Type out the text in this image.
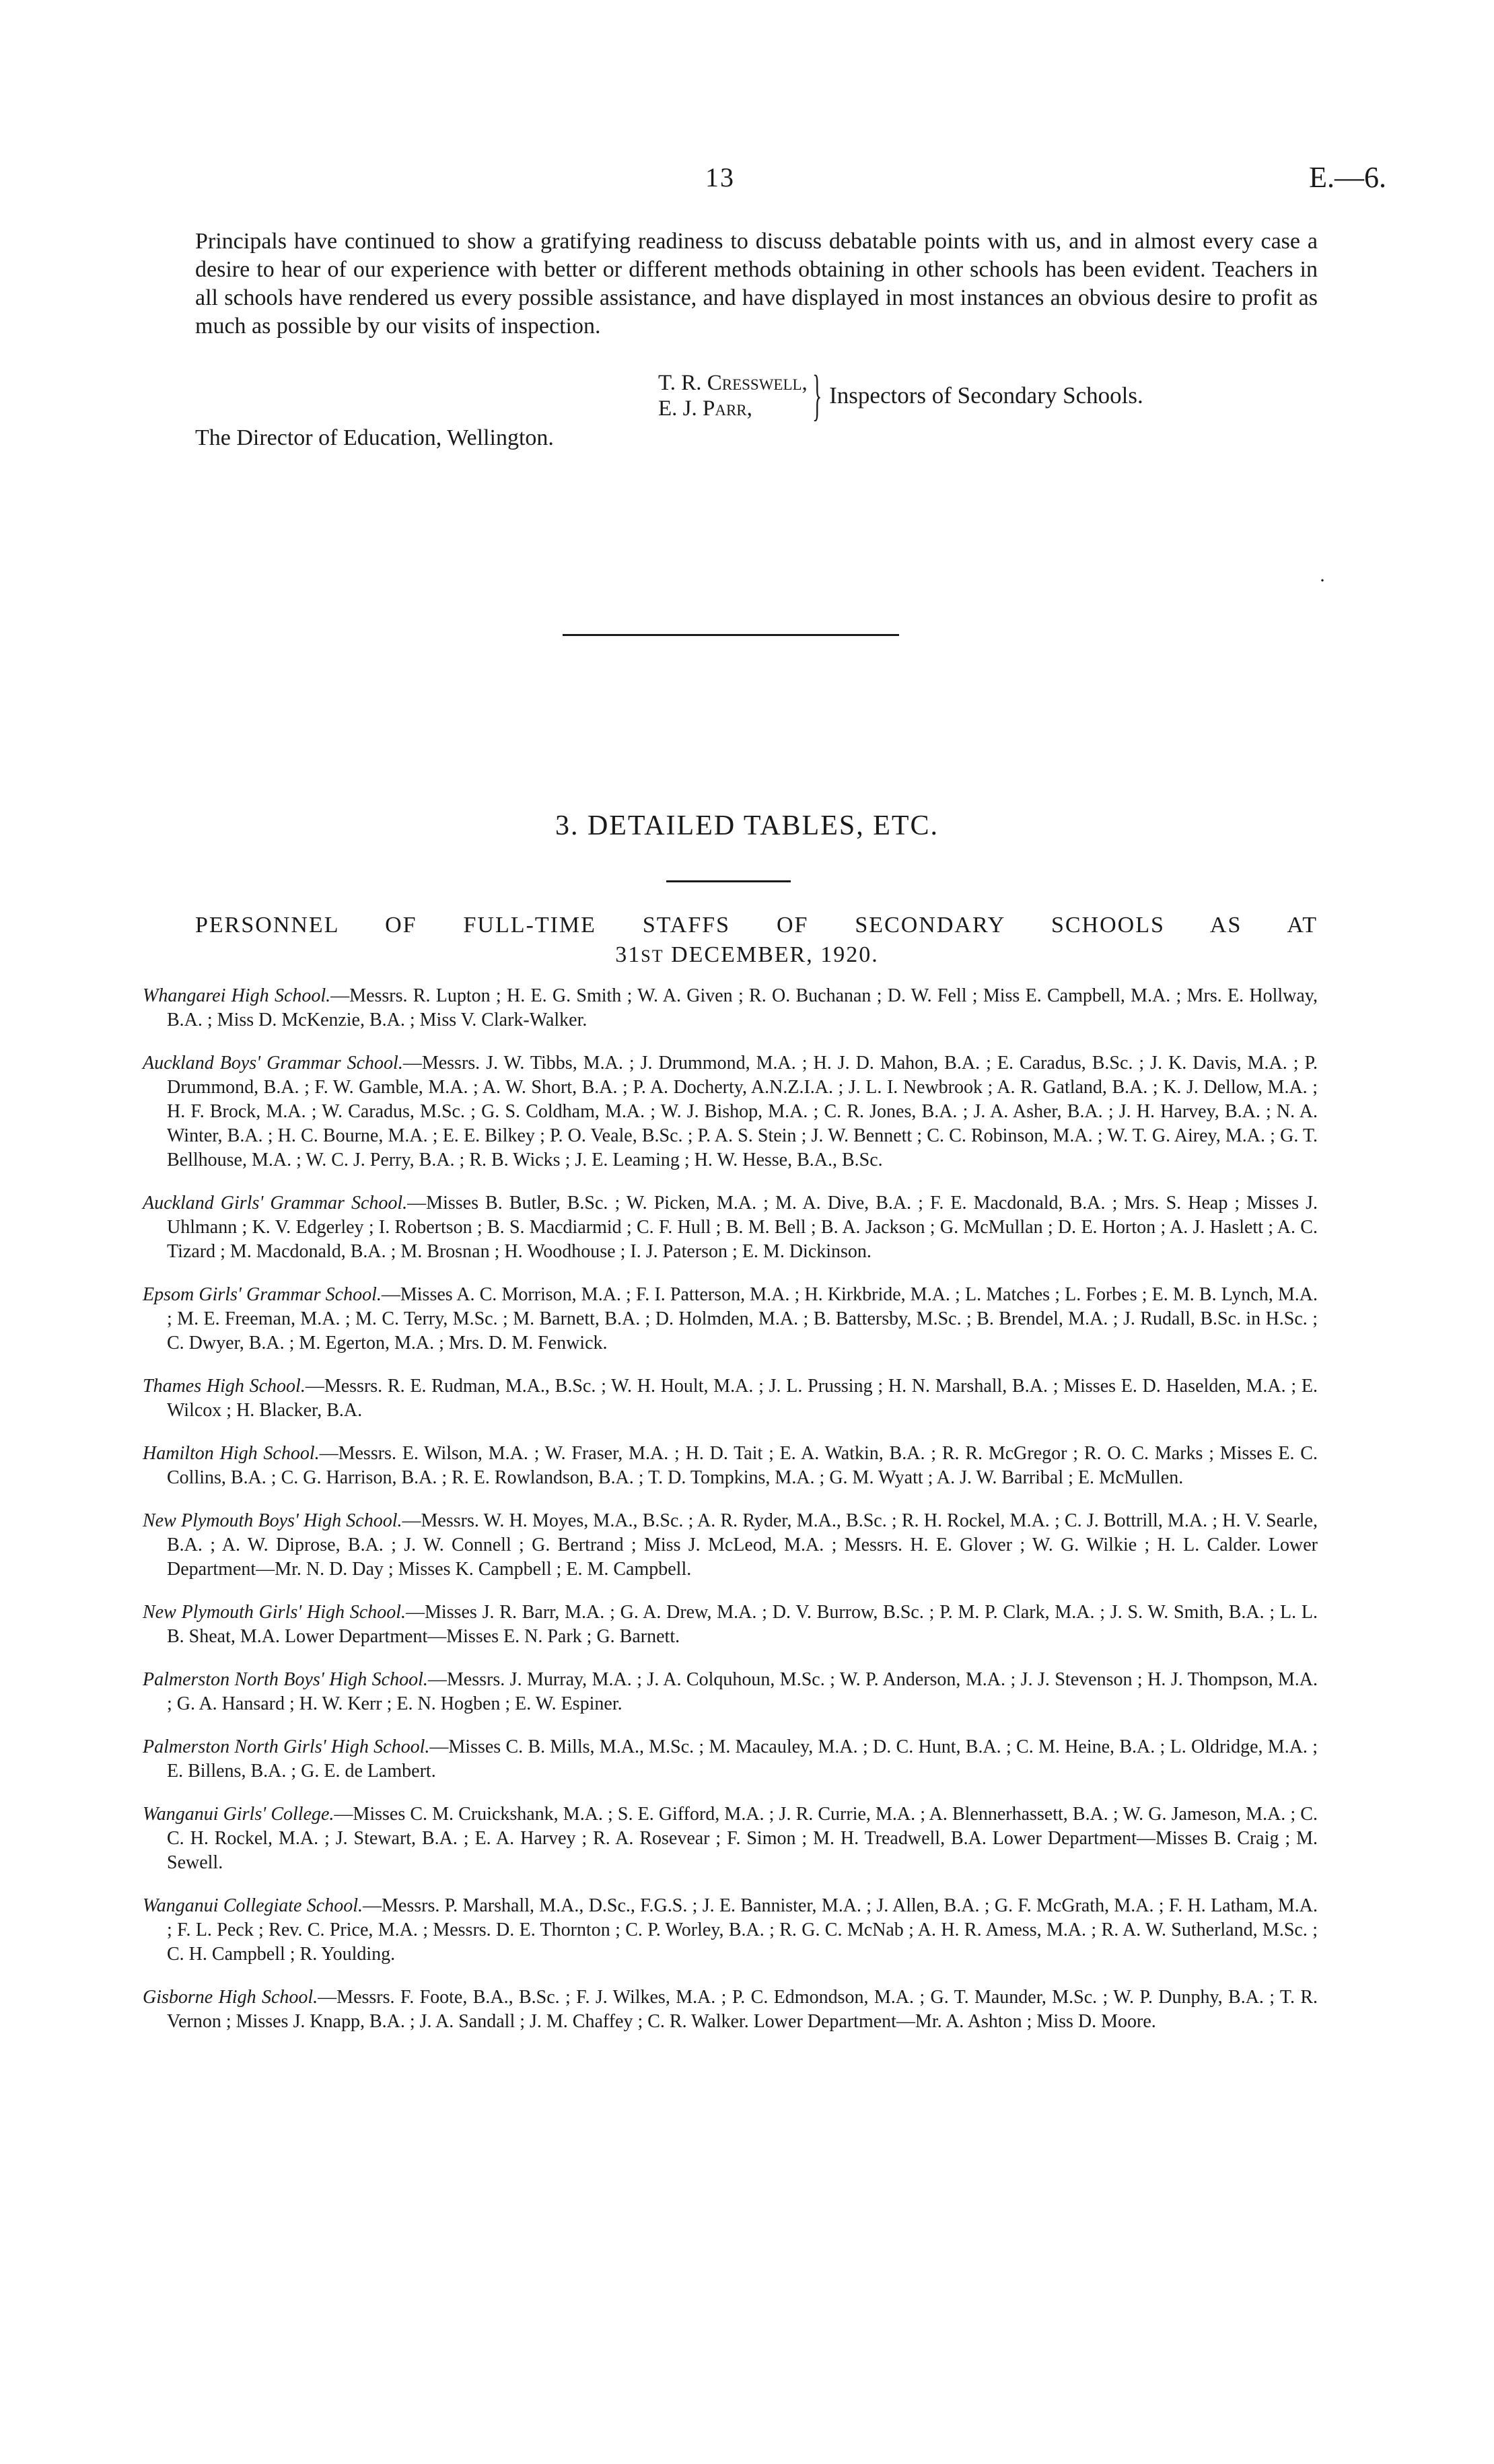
13	E.—6.

Principals have continued to show a gratifying readiness to discuss debatable points with us, and in almost every case a desire to hear of our experience with better or different methods obtaining in other schools has been evident. Teachers in all schools have rendered us every possible assistance, and have displayed in most instances an obvious desire to profit as much as possible by our visits of inspection.

T. R. Cresswell,
E. J. Parr, } Inspectors of Secondary Schools.
The Director of Education, Wellington.
·
3. DETAILED TABLES, ETC.
PERSONNEL OF FULL-TIME STAFFS OF SECONDARY SCHOOLS AS AT
31ST DECEMBER, 1920.

Whangarei High School.—Messrs. R. Lupton ; H. E. G. Smith ; W. A. Given ; R. O. Buchanan ; D. W. Fell ; Miss E. Campbell, M.A. ; Mrs. E. Hollway, B.A. ; Miss D. McKenzie, B.A. ; Miss V. Clark-Walker.

Auckland Boys' Grammar School.—Messrs. J. W. Tibbs, M.A. ; J. Drummond, M.A. ; H. J. D. Mahon, B.A. ; E. Caradus, B.Sc. ; J. K. Davis, M.A. ; P. Drummond, B.A. ; F. W. Gamble, M.A. ; A. W. Short, B.A. ; P. A. Docherty, A.N.Z.I.A. ; J. L. I. Newbrook ; A. R. Gatland, B.A. ; K. J. Dellow, M.A. ; H. F. Brock, M.A. ; W. Caradus, M.Sc. ; G. S. Coldham, M.A. ; W. J. Bishop, M.A. ; C. R. Jones, B.A. ; J. A. Asher, B.A. ; J. H. Harvey, B.A. ; N. A. Winter, B.A. ; H. C. Bourne, M.A. ; E. E. Bilkey ; P. O. Veale, B.Sc. ; P. A. S. Stein ; J. W. Bennett ; C. C. Robinson, M.A. ; W. T. G. Airey, M.A. ; G. T. Bellhouse, M.A. ; W. C. J. Perry, B.A. ; R. B. Wicks ; J. E. Leaming ; H. W. Hesse, B.A., B.Sc.

Auckland Girls' Grammar School.—Misses B. Butler, B.Sc. ; W. Picken, M.A. ; M. A. Dive, B.A. ; F. E. Macdonald, B.A. ; Mrs. S. Heap ; Misses J. Uhlmann ; K. V. Edgerley ; I. Robertson ; B. S. Macdiarmid ; C. F. Hull ; B. M. Bell ; B. A. Jackson ; G. McMullan ; D. E. Horton ; A. J. Haslett ; A. C. Tizard ; M. Macdonald, B.A. ; M. Brosnan ; H. Woodhouse ; I. J. Paterson ; E. M. Dickinson.

Epsom Girls' Grammar School.—Misses A. C. Morrison, M.A. ; F. I. Patterson, M.A. ; H. Kirkbride, M.A. ; L. Matches ; L. Forbes ; E. M. B. Lynch, M.A. ; M. E. Freeman, M.A. ; M. C. Terry, M.Sc. ; M. Barnett, B.A. ; D. Holmden, M.A. ; B. Battersby, M.Sc. ; B. Brendel, M.A. ; J. Rudall, B.Sc. in H.Sc. ; C. Dwyer, B.A. ; M. Egerton, M.A. ; Mrs. D. M. Fenwick.

Thames High School.—Messrs. R. E. Rudman, M.A., B.Sc. ; W. H. Hoult, M.A. ; J. L. Prussing ; H. N. Marshall, B.A. ; Misses E. D. Haselden, M.A. ; E. Wilcox ; H. Blacker, B.A.

Hamilton High School.—Messrs. E. Wilson, M.A. ; W. Fraser, M.A. ; H. D. Tait ; E. A. Watkin, B.A. ; R. R. McGregor ; R. O. C. Marks ; Misses E. C. Collins, B.A. ; C. G. Harrison, B.A. ; R. E. Rowlandson, B.A. ; T. D. Tompkins, M.A. ; G. M. Wyatt ; A. J. W. Barribal ; E. McMullen.

New Plymouth Boys' High School.—Messrs. W. H. Moyes, M.A., B.Sc. ; A. R. Ryder, M.A., B.Sc. ; R. H. Rockel, M.A. ; C. J. Bottrill, M.A. ; H. V. Searle, B.A. ; A. W. Diprose, B.A. ; J. W. Connell ; G. Bertrand ; Miss J. McLeod, M.A. ; Messrs. H. E. Glover ; W. G. Wilkie ; H. L. Calder. Lower Department—Mr. N. D. Day ; Misses K. Campbell ; E. M. Campbell.

New Plymouth Girls' High School.—Misses J. R. Barr, M.A. ; G. A. Drew, M.A. ; D. V. Burrow, B.Sc. ; P. M. P. Clark, M.A. ; J. S. W. Smith, B.A. ; L. L. B. Sheat, M.A. Lower Department—Misses E. N. Park ; G. Barnett.

Palmerston North Boys' High School.—Messrs. J. Murray, M.A. ; J. A. Colquhoun, M.Sc. ; W. P. Anderson, M.A. ; J. J. Stevenson ; H. J. Thompson, M.A. ; G. A. Hansard ; H. W. Kerr ; E. N. Hogben ; E. W. Espiner.

Palmerston North Girls' High School.—Misses C. B. Mills, M.A., M.Sc. ; M. Macauley, M.A. ; D. C. Hunt, B.A. ; C. M. Heine, B.A. ; L. Oldridge, M.A. ; E. Billens, B.A. ; G. E. de Lambert.

Wanganui Girls' College.—Misses C. M. Cruickshank, M.A. ; S. E. Gifford, M.A. ; J. R. Currie, M.A. ; A. Blennerhassett, B.A. ; W. G. Jameson, M.A. ; C. C. H. Rockel, M.A. ; J. Stewart, B.A. ; E. A. Harvey ; R. A. Rosevear ; F. Simon ; M. H. Treadwell, B.A. Lower Department—Misses B. Craig ; M. Sewell.

Wanganui Collegiate School.—Messrs. P. Marshall, M.A., D.Sc., F.G.S. ; J. E. Bannister, M.A. ; J. Allen, B.A. ; G. F. McGrath, M.A. ; F. H. Latham, M.A. ; F. L. Peck ; Rev. C. Price, M.A. ; Messrs. D. E. Thornton ; C. P. Worley, B.A. ; R. G. C. McNab ; A. H. R. Amess, M.A. ; R. A. W. Sutherland, M.Sc. ; C. H. Campbell ; R. Youlding.

Gisborne High School.—Messrs. F. Foote, B.A., B.Sc. ; F. J. Wilkes, M.A. ; P. C. Edmondson, M.A. ; G. T. Maunder, M.Sc. ; W. P. Dunphy, B.A. ; T. R. Vernon ; Misses J. Knapp, B.A. ; J. A. Sandall ; J. M. Chaffey ; C. R. Walker. Lower Department—Mr. A. Ashton ; Miss D. Moore.
